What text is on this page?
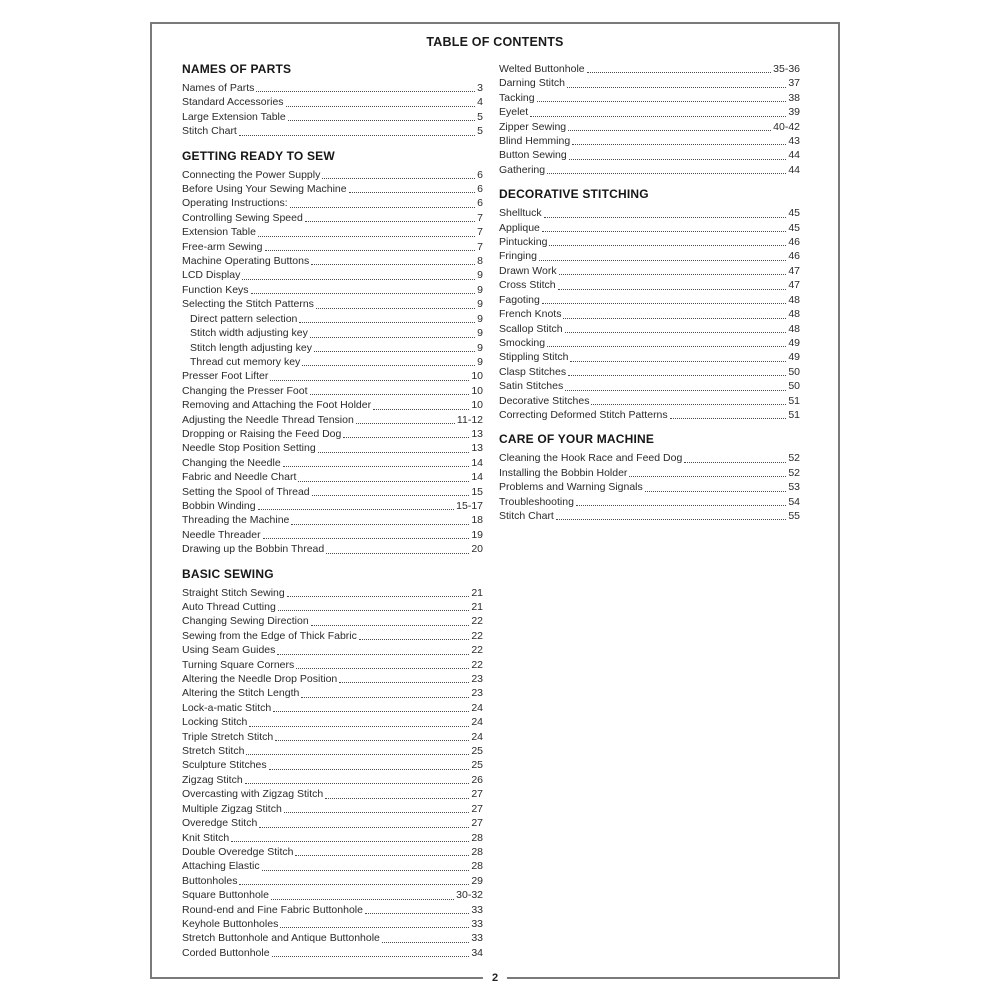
TABLE OF CONTENTS
NAMES OF PARTS
Names of Parts	3
Standard Accessories	4
Large Extension Table	5
Stitch Chart	5
GETTING READY TO SEW
Connecting the Power Supply	6
Before Using Your Sewing Machine	6
Operating Instructions:	6
Controlling Sewing Speed	7
Extension Table	7
Free-arm Sewing	7
Machine Operating Buttons	8
LCD Display	9
Function Keys	9
Selecting the Stitch Patterns	9
Direct pattern selection	9
Stitch width adjusting key	9
Stitch length adjusting key	9
Thread cut memory key	9
Presser Foot Lifter	10
Changing the Presser Foot	10
Removing and Attaching the Foot Holder	10
Adjusting the Needle Thread Tension	11-12
Dropping or Raising the Feed Dog	13
Needle Stop Position Setting	13
Changing the Needle	14
Fabric and Needle Chart	14
Setting the Spool of Thread	15
Bobbin Winding	15-17
Threading the Machine	18
Needle Threader	19
Drawing up the Bobbin Thread	20
BASIC SEWING
Straight Stitch Sewing	21
Auto Thread Cutting	21
Changing Sewing Direction	22
Sewing from the Edge of Thick Fabric	22
Using Seam Guides	22
Turning Square Corners	22
Altering the Needle Drop Position	23
Altering the Stitch Length	23
Lock-a-matic Stitch	24
Locking Stitch	24
Triple Stretch Stitch	24
Stretch Stitch	25
Sculpture Stitches	25
Zigzag Stitch	26
Overcasting with Zigzag Stitch	27
Multiple Zigzag Stitch	27
Overedge Stitch	27
Knit Stitch	28
Double Overedge Stitch	28
Attaching Elastic	28
Buttonholes	29
Square Buttonhole	30-32
Round-end and Fine Fabric Buttonhole	33
Keyhole Buttonholes	33
Stretch Buttonhole and Antique Buttonhole	33
Corded Buttonhole	34
Welted Buttonhole	35-36
Darning Stitch	37
Tacking	38
Eyelet	39
Zipper Sewing	40-42
Blind Hemming	43
Button Sewing	44
Gathering	44
DECORATIVE STITCHING
Shelltuck	45
Applique	45
Pintucking	46
Fringing	46
Drawn Work	47
Cross Stitch	47
Fagoting	48
French Knots	48
Scallop Stitch	48
Smocking	49
Stippling Stitch	49
Clasp Stitches	50
Satin Stitches	50
Decorative Stitches	51
Correcting Deformed Stitch Patterns	51
CARE OF YOUR MACHINE
Cleaning the Hook Race and Feed Dog	52
Installing the Bobbin Holder	52
Problems and Warning Signals	53
Troubleshooting	54
Stitch Chart	55
2
